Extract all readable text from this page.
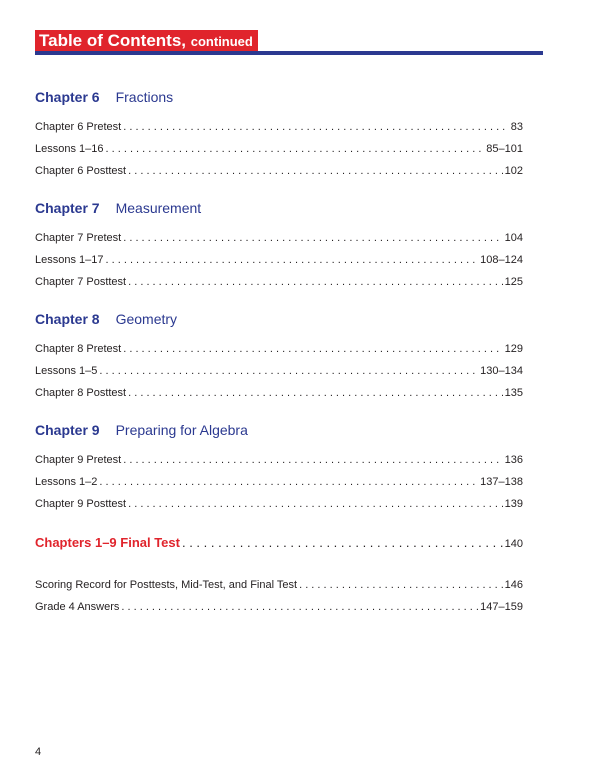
Table of Contents, continued
Chapter 6 Fractions
Chapter 6 Pretest . . .	83
Lessons 1–16 . . .	85–101
Chapter 6 Posttest . . .	102
Chapter 7 Measurement
Chapter 7 Pretest . . .	104
Lessons 1–17 . . .	108–124
Chapter 7 Posttest . . .	125
Chapter 8 Geometry
Chapter 8 Pretest . . .	129
Lessons 1–5 . . .	130–134
Chapter 8 Posttest . . .	135
Chapter 9 Preparing for Algebra
Chapter 9 Pretest . . .	136
Lessons 1–2 . . .	137–138
Chapter 9 Posttest . . .	139
Chapters 1–9 Final Test . . .	140
Scoring Record for Posttests, Mid-Test, and Final Test . . .	146
Grade 4 Answers . . .	147–159
4
